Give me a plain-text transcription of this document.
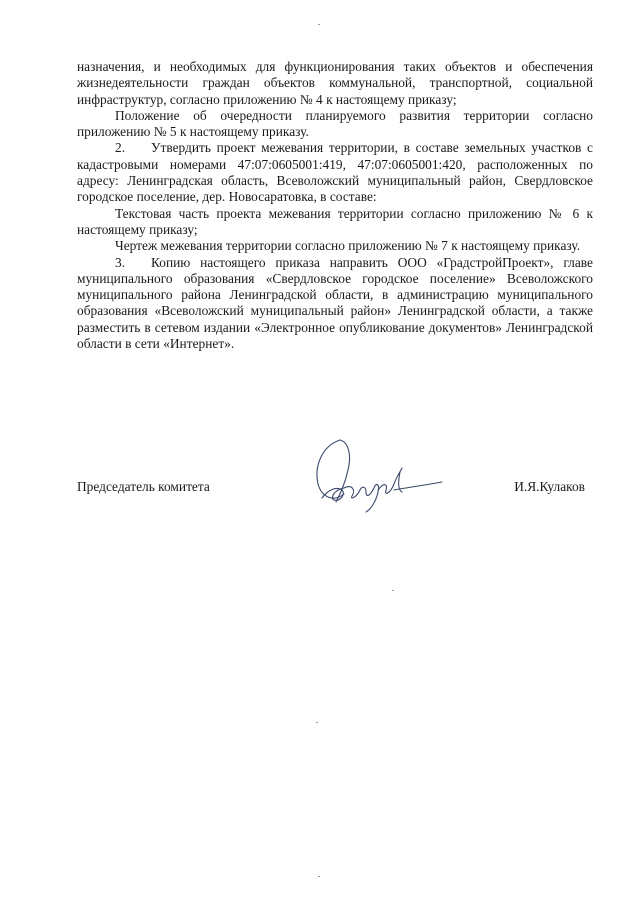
назначения, и необходимых для функционирования таких объектов и обеспечения жизнедеятельности граждан объектов коммунальной, транспортной, социальной инфраструктур, согласно приложению № 4 к настоящему приказу;

Положение об очередности планируемого развития территории согласно приложению № 5 к настоящему приказу.

2. Утвердить проект межевания территории, в составе земельных участков с кадастровыми номерами 47:07:0605001:419, 47:07:0605001:420, расположенных по адресу: Ленинградская область, Всеволожский муниципальный район, Свердловское городское поселение, дер. Новосаратовка, в составе:

Текстовая часть проекта межевания территории согласно приложению № 6 к настоящему приказу;

Чертеж межевания территории согласно приложению № 7 к настоящему приказу.

3. Копию настоящего приказа направить ООО «ГрадстройПроект», главе муниципального образования «Свердловское городское поселение» Всеволожского муниципального района Ленинградской области, в администрацию муниципального образования «Всеволожский муниципальный район» Ленинградской области, а также разместить в сетевом издании «Электронное опубликование документов» Ленинградской области в сети «Интернет».

Председатель комитета	И.Я.Кулаков
